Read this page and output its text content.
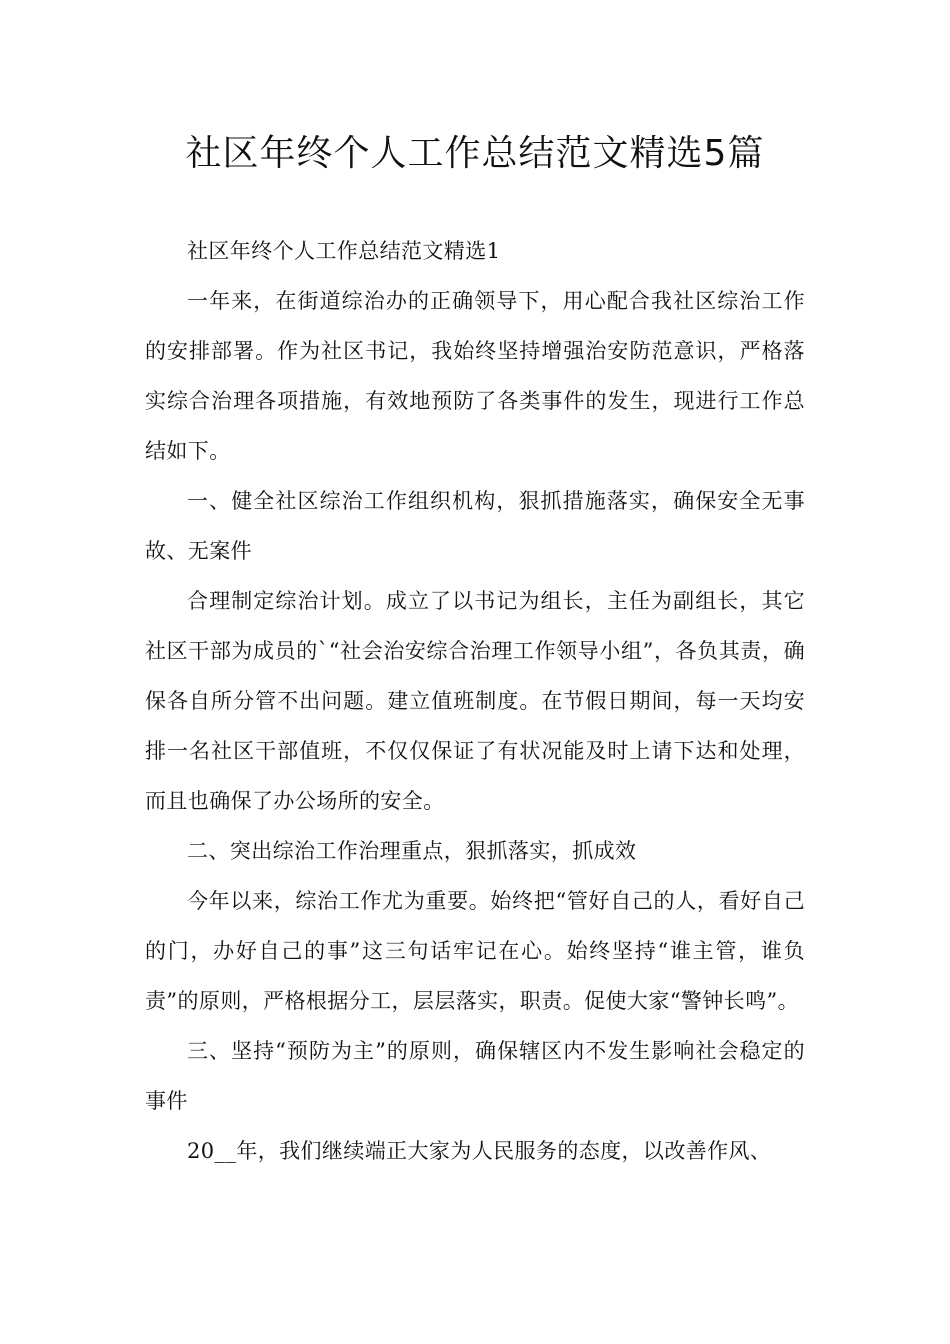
社区年终个人工作总结范文精选5篇

社区年终个人工作总结范文精选1

一年来，在街道综治办的正确领导下，用心配合我社区综治工作的安排部署。作为社区书记，我始终坚持增强治安防范意识，严格落实综合治理各项措施，有效地预防了各类事件的发生，现进行工作总结如下。

一、健全社区综治工作组织机构，狠抓措施落实，确保安全无事故、无案件

合理制定综治计划。成立了以书记为组长，主任为副组长，其它社区干部为成员的`“社会治安综合治理工作领导小组”，各负其责，确保各自所分管不出问题。建立值班制度。在节假日期间，每一天均安排一名社区干部值班，不仅仅保证了有状况能及时上请下达和处理，而且也确保了办公场所的安全。

二、突出综治工作治理重点，狠抓落实，抓成效

今年以来，综治工作尤为重要。始终把“管好自己的人，看好自己的门，办好自己的事”这三句话牢记在心。始终坚持“谁主管，谁负责”的原则，严格根据分工，层层落实，职责。促使大家“警钟长鸣”。

三、坚持“预防为主”的原则，确保辖区内不发生影响社会稳定的事件

20__年，我们继续端正大家为人民服务的态度，以改善作风、
